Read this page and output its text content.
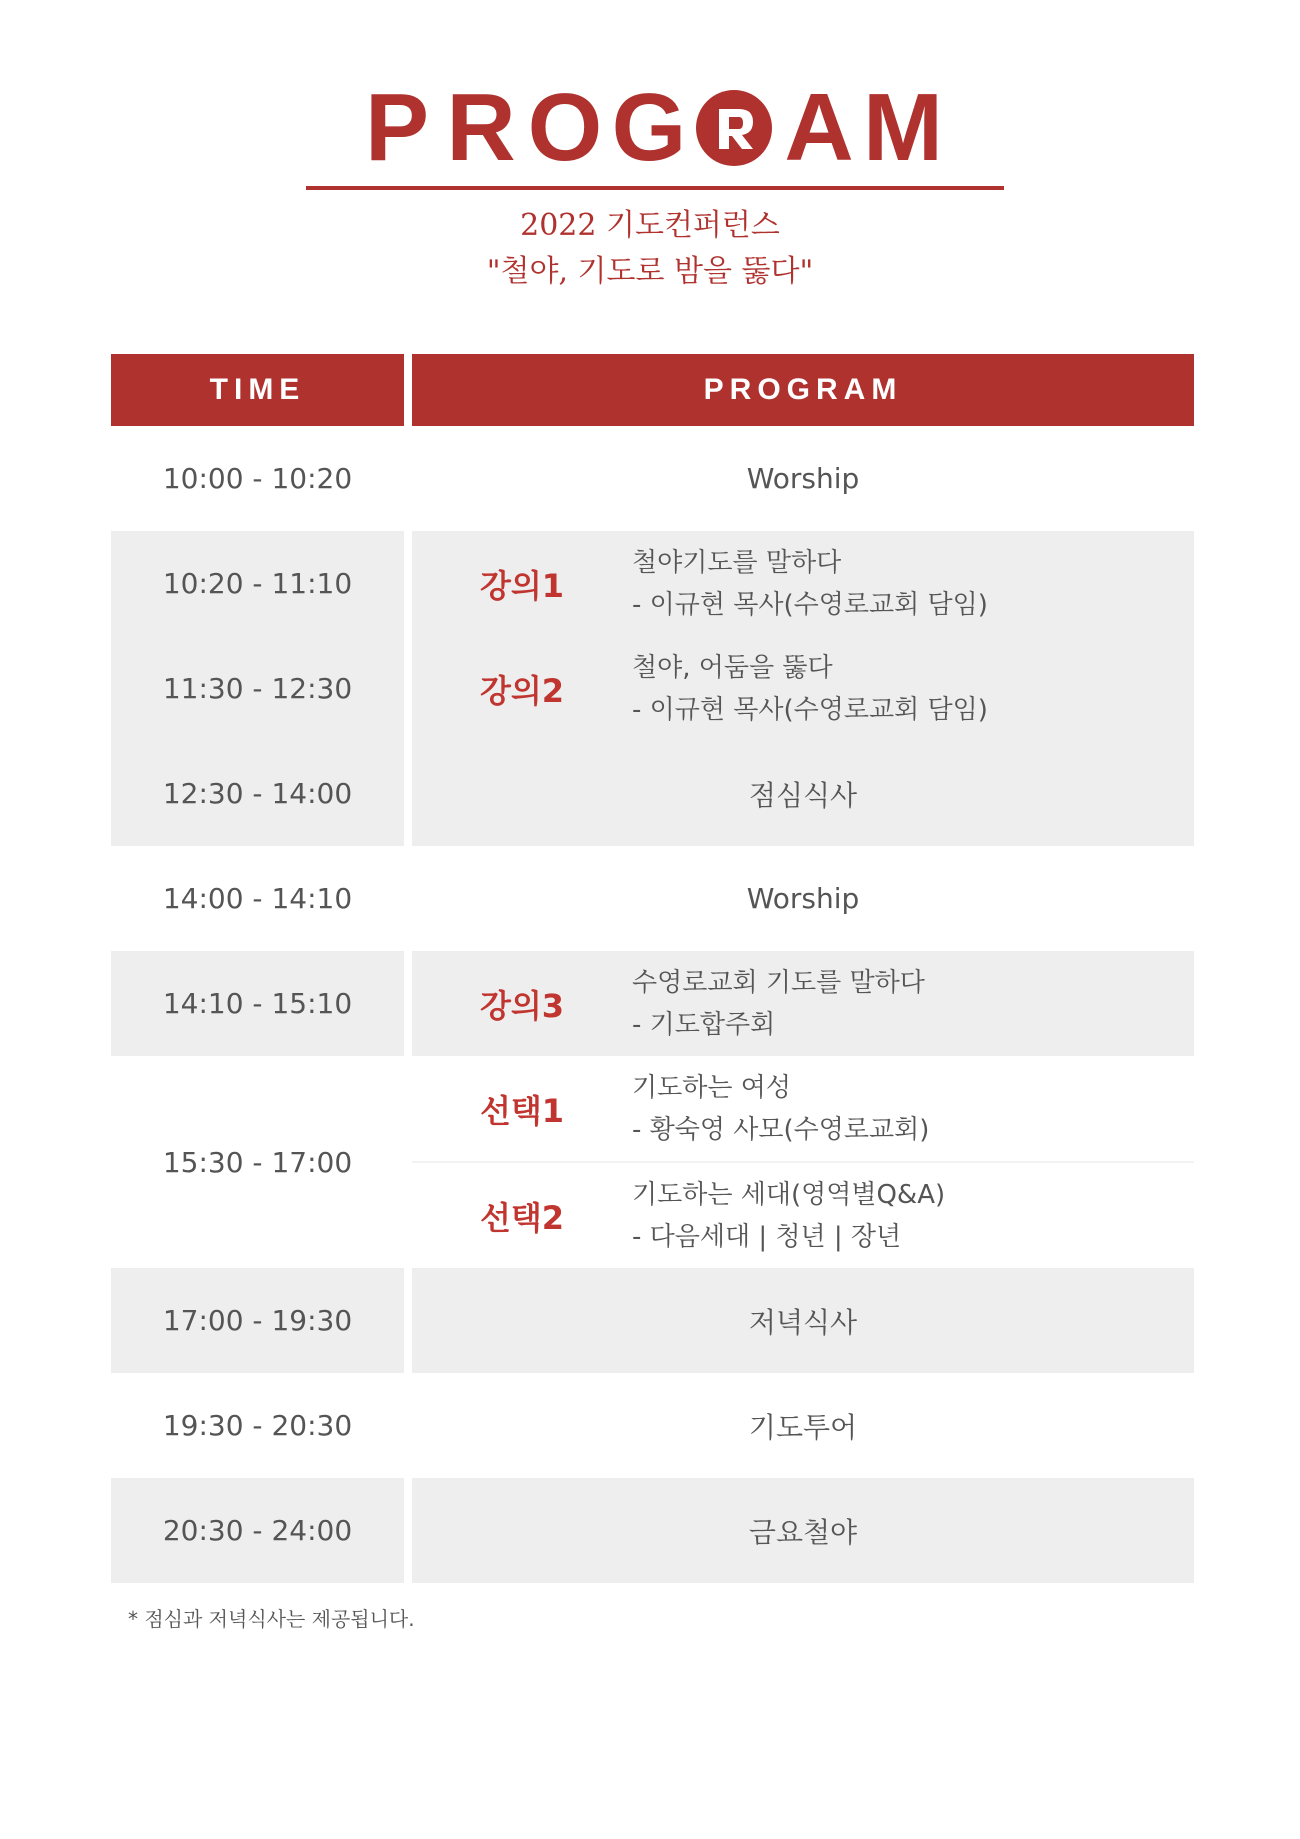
P R O G A M
2022 기도컨퍼런스
"철야, 기도로 밤을 뚫다"
TIME	PROGRAM
10:00 - 10:20	Worship
10:20 - 11:10	강의1
철야기도를 말하다
- 이규현 목사(수영로교회 담임)
11:30 - 12:30	강의2
철야, 어둠을 뚫다
- 이규현 목사(수영로교회 담임)
12:30 - 14:00	점심식사
14:00 - 14:10	Worship
14:10 - 15:10	강의3
수영로교회 기도를 말하다
- 기도합주회
15:30 - 17:00
선택1
기도하는 여성
- 황숙영 사모(수영로교회)
선택2
기도하는 세대(영역별Q&A)
- 다음세대 | 청년 | 장년
17:00 - 19:30	저녁식사
19:30 - 20:30	기도투어
20:30 - 24:00	금요철야
* 점심과 저녁식사는 제공됩니다.
